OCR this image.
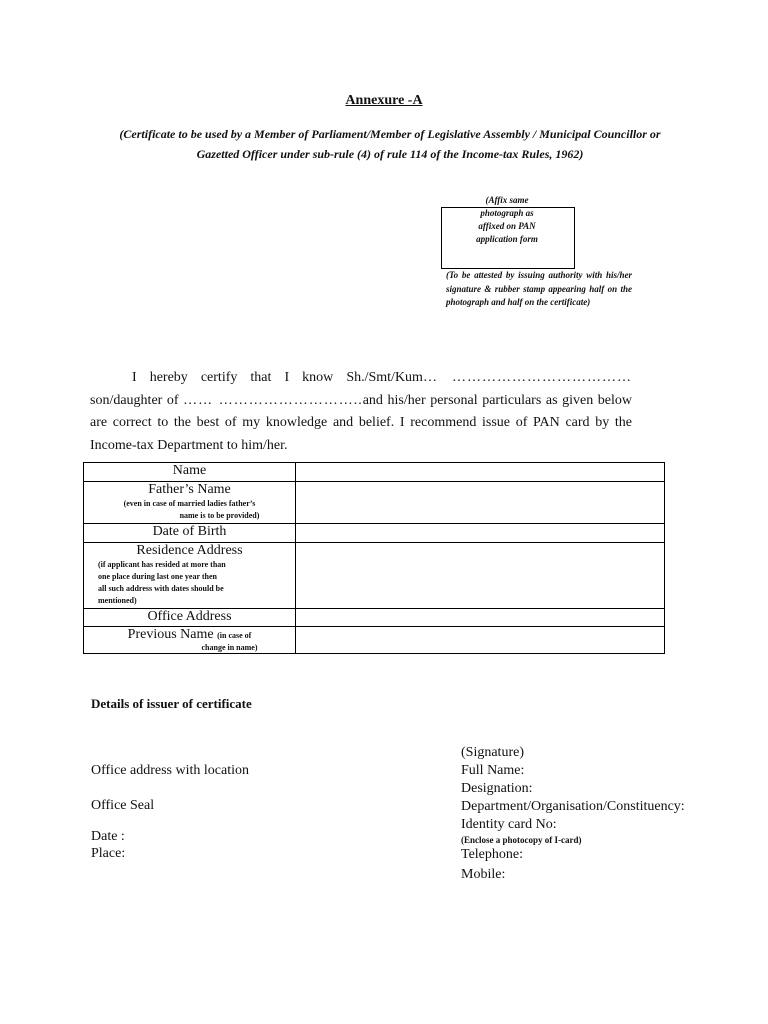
Annexure -A
(Certificate to be used by a Member of Parliament/Member of Legislative Assembly / Municipal Councillor or
Gazetted Officer under sub-rule (4) of rule 114 of the Income-tax Rules, 1962)
(Affix same
photograph as
affixed on PAN
application form
(To be attested by issuing authority with his/her signature & rubber stamp appearing half on the photograph and half on the certificate)
I hereby certify that I know Sh./Smt/Kum… ……………………………… son/daughter of …… ………………………..and his/her personal particulars as given below are correct to the best of my knowledge and belief. I recommend issue of PAN card by the Income-tax Department to him/her.
Name	
Father’s Name
(even in case of married ladies father’s
name is to be provided)	

Date of Birth	
Residence Address
(if applicant has resided at more than
one place during last one year then
all such address with dates should be
mentioned)	

Office Address	
Previous Name (in case of
change in name)	

Details of issuer of certificate
Office address with location
Office Seal
Date :
Place:
(Signature)
Full Name:
Designation:
Department/Organisation/Constituency:
Identity card No:
(Enclose a photocopy of I-card)
Telephone:
Mobile:
